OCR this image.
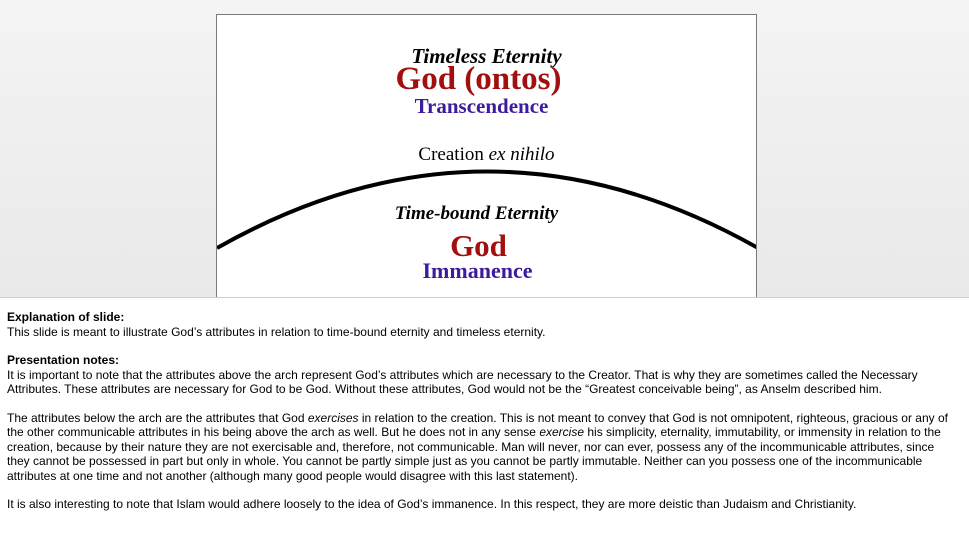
Timeless Eternity
God (ontos)
Transcendence
Creation ex nihilo
Time-bound Eternity
God
Immanence

Explanation of slide:
This slide is meant to illustrate God’s attributes in relation to time-bound eternity and timeless eternity.

Presentation notes:
It is important to note that the attributes above the arch represent God’s attributes which are necessary to the Creator. That is why they are sometimes called the Necessary Attributes. These attributes are necessary for God to be God. Without these attributes, God would not be the “Greatest conceivable being”, as Anselm described him.

The attributes below the arch are the attributes that God exercises in relation to the creation. This is not meant to convey that God is not omnipotent, righteous, gracious or any of the other communicable attributes in his being above the arch as well. But he does not in any sense exercise his simplicity, eternality, immutability, or immensity in relation to the creation, because by their nature they are not exercisable and, therefore, not communicable. Man will never, nor can ever, possess any of the incommunicable attributes, since they cannot be possessed in part but only in whole. You cannot be partly simple just as you cannot be partly immutable. Neither can you possess one of the incommunicable attributes at one time and not another (although many good people would disagree with this last statement).

It is also interesting to note that Islam would adhere loosely to the idea of God’s immanence. In this respect, they are more deistic than Judaism and Christianity.
